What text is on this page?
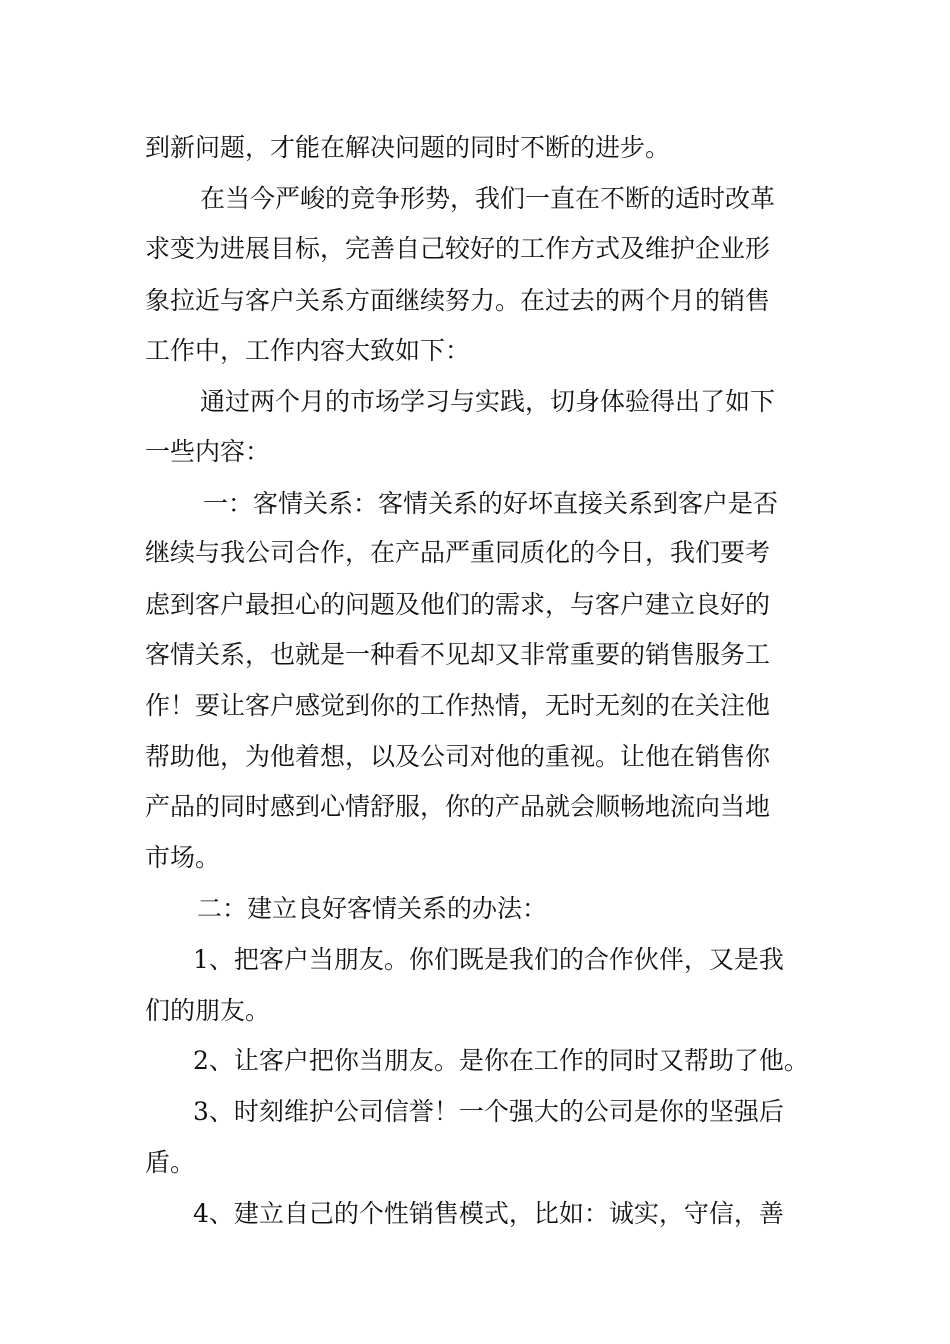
到新问题，才能在解决问题的同时不断的进步。
在当今严峻的竞争形势，我们一直在不断的适时改革
求变为进展目标，完善自己较好的工作方式及维护企业形
象拉近与客户关系方面继续努力。在过去的两个月的销售
工作中，工作内容大致如下：
通过两个月的市场学习与实践，切身体验得出了如下
一些内容：
一：客情关系：客情关系的好坏直接关系到客户是否
继续与我公司合作，在产品严重同质化的今日，我们要考
虑到客户最担心的问题及他们的需求，与客户建立良好的
客情关系，也就是一种看不见却又非常重要的销售服务工
作！要让客户感觉到你的工作热情，无时无刻的在关注他
帮助他，为他着想，以及公司对他的重视。让他在销售你
产品的同时感到心情舒服，你的产品就会顺畅地流向当地
市场。
二：建立良好客情关系的办法：
1、把客户当朋友。你们既是我们的合作伙伴，又是我
们的朋友。
2、让客户把你当朋友。是你在工作的同时又帮助了他。
3、时刻维护公司信誉！一个强大的公司是你的坚强后
盾。
4、建立自己的个性销售模式，比如：诚实，守信，善
